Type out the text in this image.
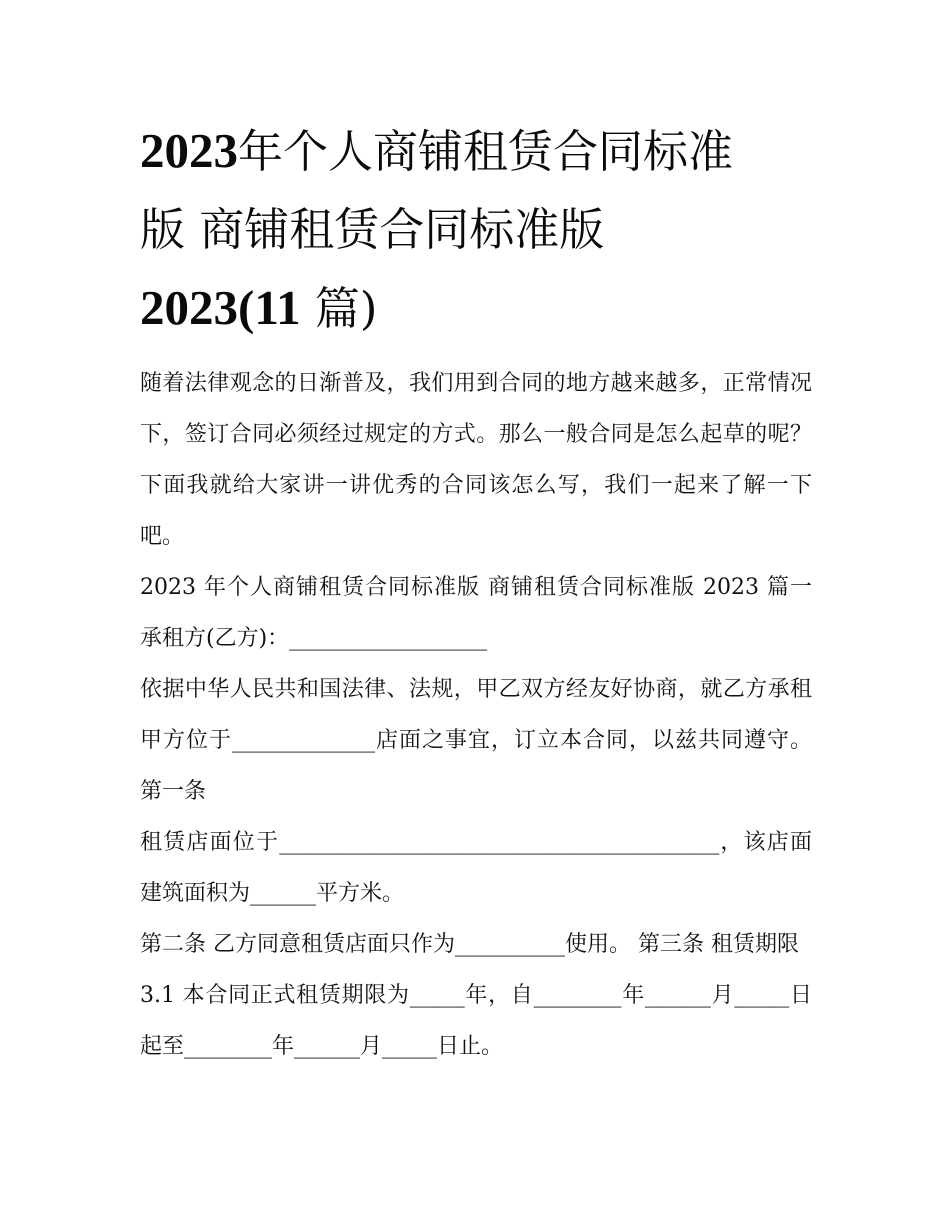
2023年个人商铺租赁合同标准
版 商铺租赁合同标准版
2023(11 篇)

随着法律观念的日渐普及，我们用到合同的地方越来越多，正常情况下，签订合同必须经过规定的方式。那么一般合同是怎么起草的呢？下面我就给大家讲一讲优秀的合同该怎么写，我们一起来了解一下吧。

2023 年个人商铺租赁合同标准版 商铺租赁合同标准版 2023 篇一 承租方(乙方)：__________________

依据中华人民共和国法律、法规，甲乙双方经友好协商，就乙方承租甲方位于_____________店面之事宜，订立本合同，以兹共同遵守。 第一条

租赁店面位于________________________________________，该店面建筑面积为______平方米。

第二条 乙方同意租赁店面只作为__________使用。 第三条 租赁期限

3.1 本合同正式租赁期限为_____年，自________年______月_____日起至________年______月_____日止。
